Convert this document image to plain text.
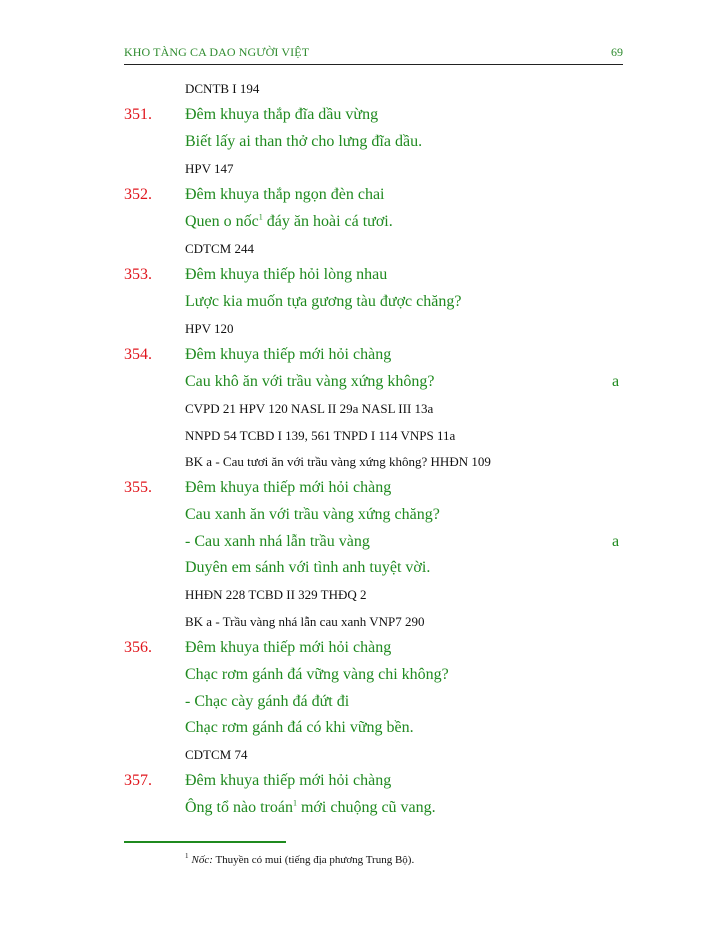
KHO TÀNG CA DAO NGƯỜI VIỆT	69
DCNTB I 194
351. Đêm khuya thắp đĩa dầu vừng
Biết lấy ai than thở cho lưng đĩa dầu.
HPV 147
352. Đêm khuya thắp ngọn đèn chai
Quen o nốc$^1$ đáy ăn hoài cá tươi.
CDTCM 244
353. Đêm khuya thiếp hỏi lòng nhau
Lược kia muốn tựa gương tàu được chăng?
HPV 120
354. Đêm khuya thiếp mới hỏi chàng
Cau khô ăn với trầu vàng xứng không?	a
CVPD 21 HPV 120 NASL II 29a NASL III 13a
NNPD 54 TCBD I 139, 561 TNPD I 114 VNPS 11a
BK a - Cau tươi ăn với trầu vàng xứng không? HHĐN 109
355. Đêm khuya thiếp mới hỏi chàng
Cau xanh ăn với trầu vàng xứng chăng?
- Cau xanh nhá lẫn trầu vàng	a
Duyên em sánh với tình anh tuyệt vời.
HHĐN 228 TCBD II 329 THĐQ 2
BK a - Trầu vàng nhá lẫn cau xanh VNP7 290
356. Đêm khuya thiếp mới hỏi chàng
Chạc rơm gánh đá vững vàng chi không?
- Chạc cày gánh đá đứt đi
Chạc rơm gánh đá có khi vững bền.
CDTCM 74
357. Đêm khuya thiếp mới hỏi chàng
Ông tổ nào troán$^1$ mới chuộng cũ vang.
$^1$ Nốc: Thuyền có mui (tiếng địa phương Trung Bộ).
